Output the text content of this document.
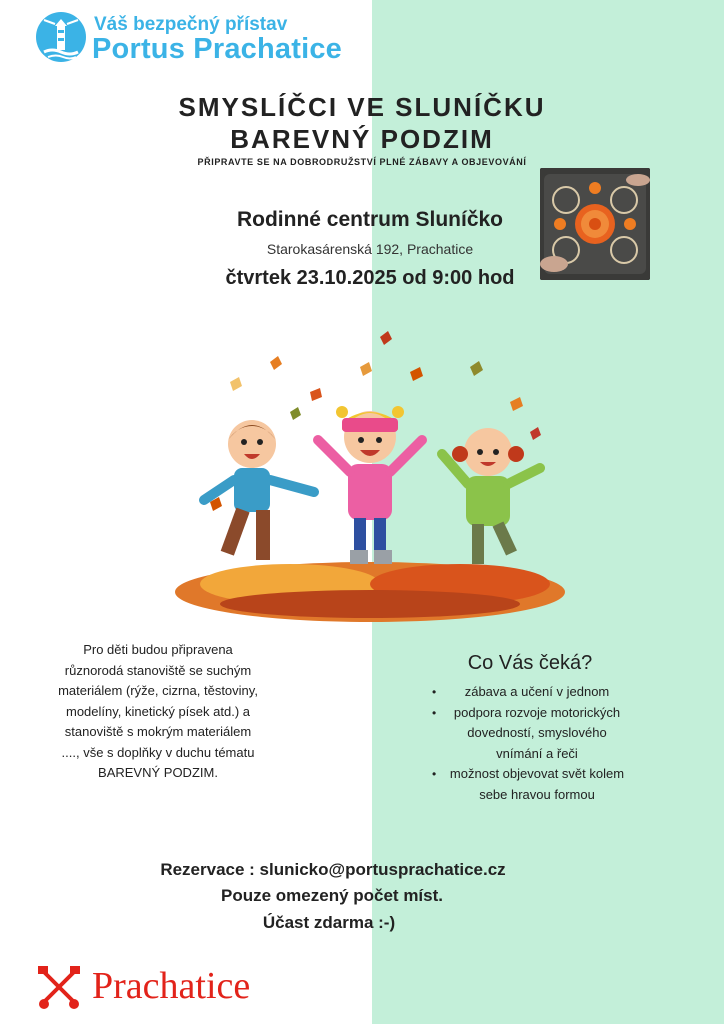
Váš bezpečný přístav
Portus Prachatice
SMYSLÍČCI VE SLUNÍČKU
BAREVNÝ PODZIM
PŘIPRAVTE SE NA DOBRODRUŽSTVÍ PLNÉ ZÁBAVY A OBJEVOVÁNÍ
Rodinné centrum Sluníčko
Starokasárenská 192, Prachatice
čtvrtek 23.10.2025 od 9:00 hod
Pro děti budou připravena různorodá stanoviště se suchým materiálem (rýže, cizrna, těstoviny, modelíny, kinetický písek atd.) a stanoviště s mokrým materiálem ...., vše s doplňky v duchu tématu BAREVNÝ PODZIM.
Co Vás čeká?
• zábava a učení v jednom
• podpora rozvoje motorických dovedností, smyslového vnímání a řeči
• možnost objevovat svět kolem sebe hravou formou
Rezervace : slunicko@portusprachatice.cz
Pouze omezený počet míst.
Účast zdarma :-)
Prachatice
